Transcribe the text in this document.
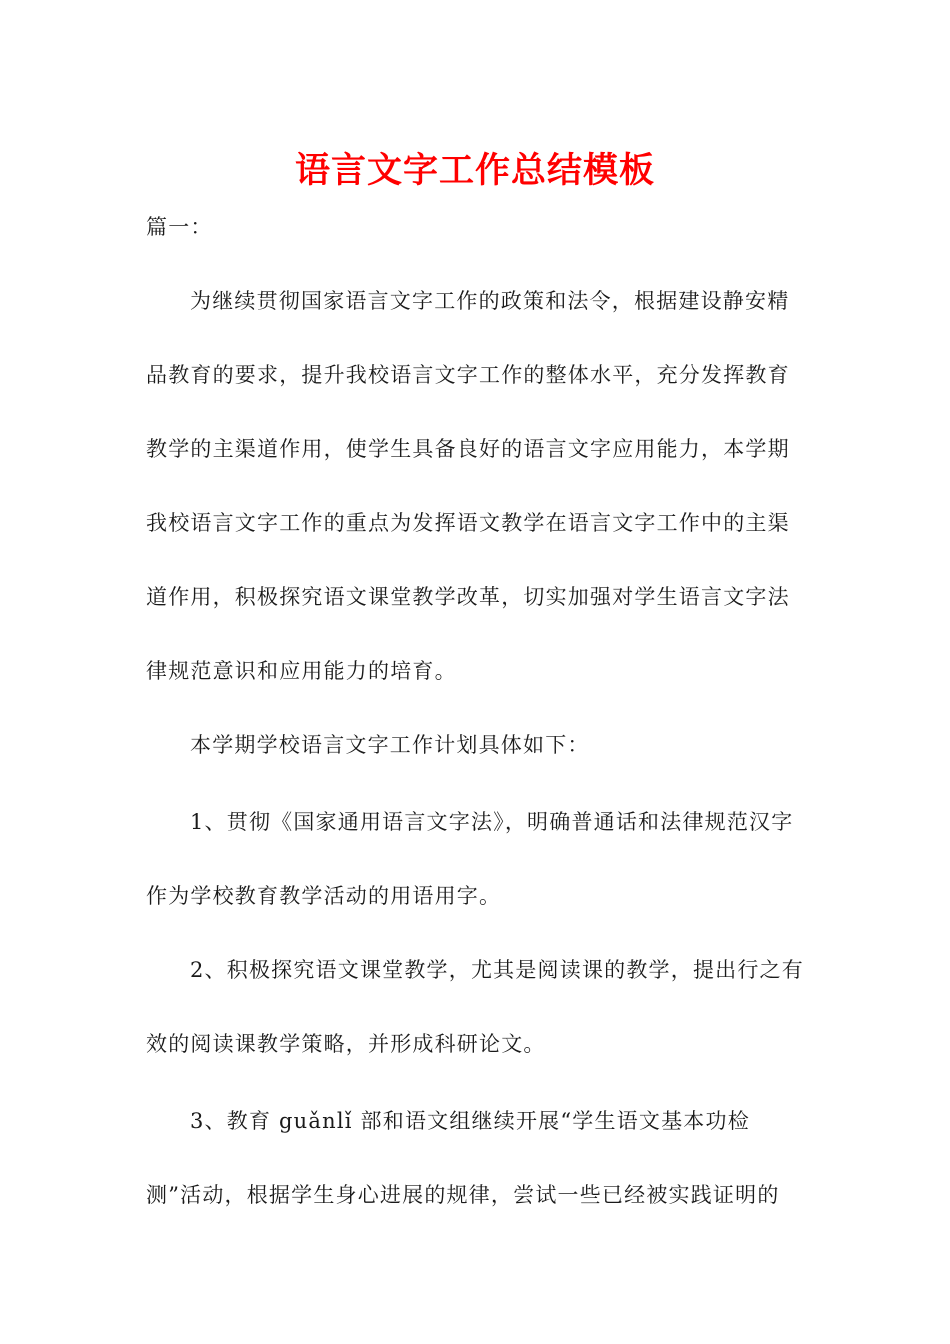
语言文字工作总结模板

篇一：

为继续贯彻国家语言文字工作的政策和法令，根据建设静安精

品教育的要求，提升我校语言文字工作的整体水平，充分发挥教育

教学的主渠道作用，使学生具备良好的语言文字应用能力，本学期

我校语言文字工作的重点为发挥语文教学在语言文字工作中的主渠

道作用，积极探究语文课堂教学改革，切实加强对学生语言文字法

律规范意识和应用能力的培育。

本学期学校语言文字工作计划具体如下：

1、贯彻《国家通用语言文字法》，明确普通话和法律规范汉字

作为学校教育教学活动的用语用字。

2、积极探究语文课堂教学，尤其是阅读课的教学，提出行之有

效的阅读课教学策略，并形成科研论文。

3、教育 guǎnlǐ 部和语文组继续开展“学生语文基本功检

测”活动，根据学生身心进展的规律，尝试一些已经被实践证明的
